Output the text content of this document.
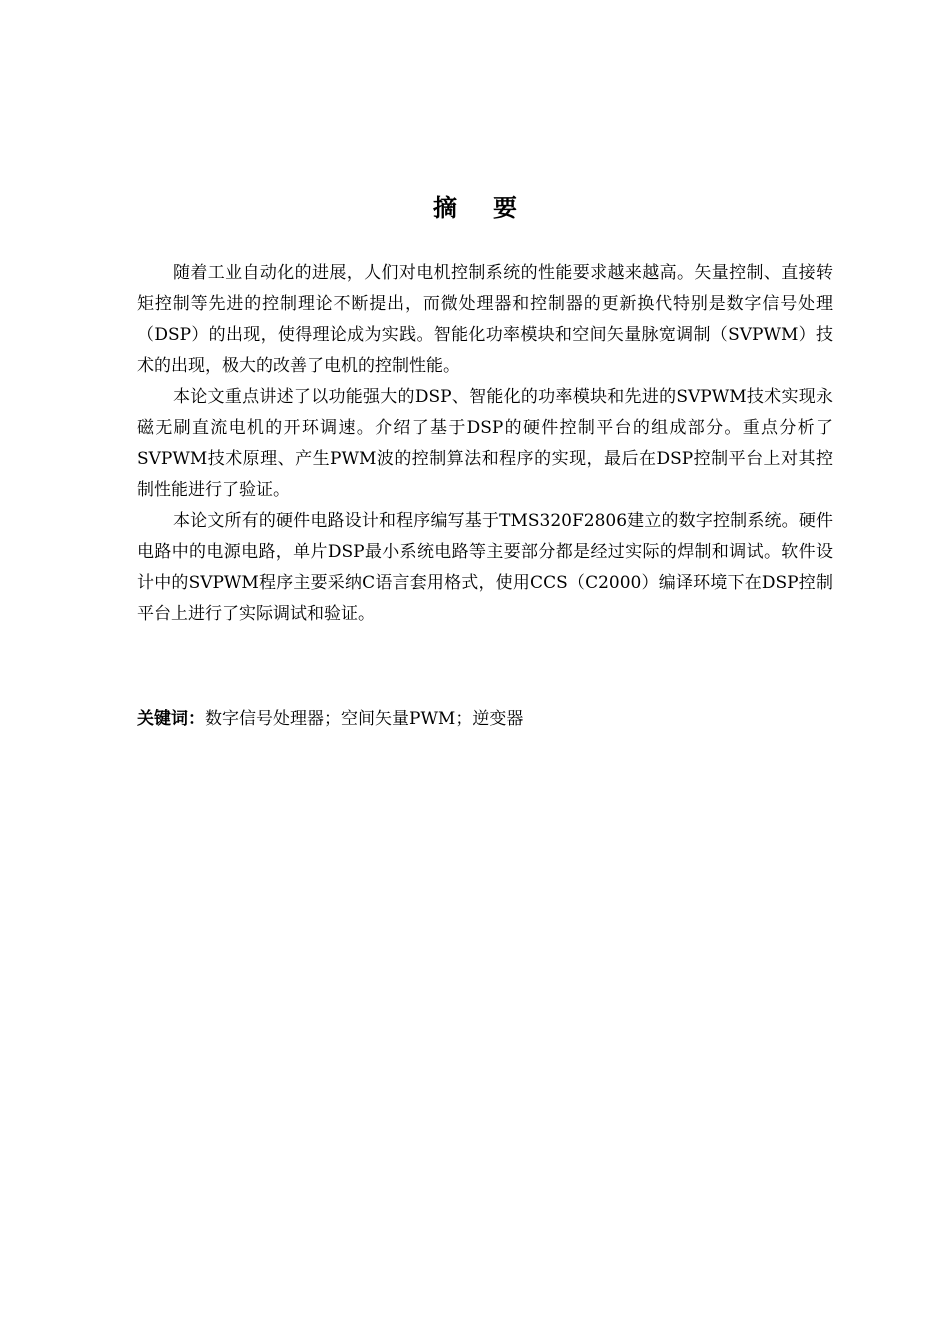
摘要

随着工业自动化的进展，人们对电机控制系统的性能要求越来越高。矢量控制、直接转矩控制等先进的控制理论不断提出，而微处理器和控制器的更新换代特别是数字信号处理（DSP）的出现，使得理论成为实践。智能化功率模块和空间矢量脉宽调制（SVPWM）技术的出现，极大的改善了电机的控制性能。

本论文重点讲述了以功能强大的DSP、智能化的功率模块和先进的SVPWM技术实现永磁无刷直流电机的开环调速。介绍了基于DSP的硬件控制平台的组成部分。重点分析了SVPWM技术原理、产生PWM波的控制算法和程序的实现，最后在DSP控制平台上对其控制性能进行了验证。

本论文所有的硬件电路设计和程序编写基于TMS320F2806建立的数字控制系统。硬件电路中的电源电路，单片DSP最小系统电路等主要部分都是经过实际的焊制和调试。软件设计中的SVPWM程序主要采纳C语言套用格式，使用CCS（C2000）编译环境下在DSP控制平台上进行了实际调试和验证。

关键词：数字信号处理器；空间矢量PWM；逆变器
